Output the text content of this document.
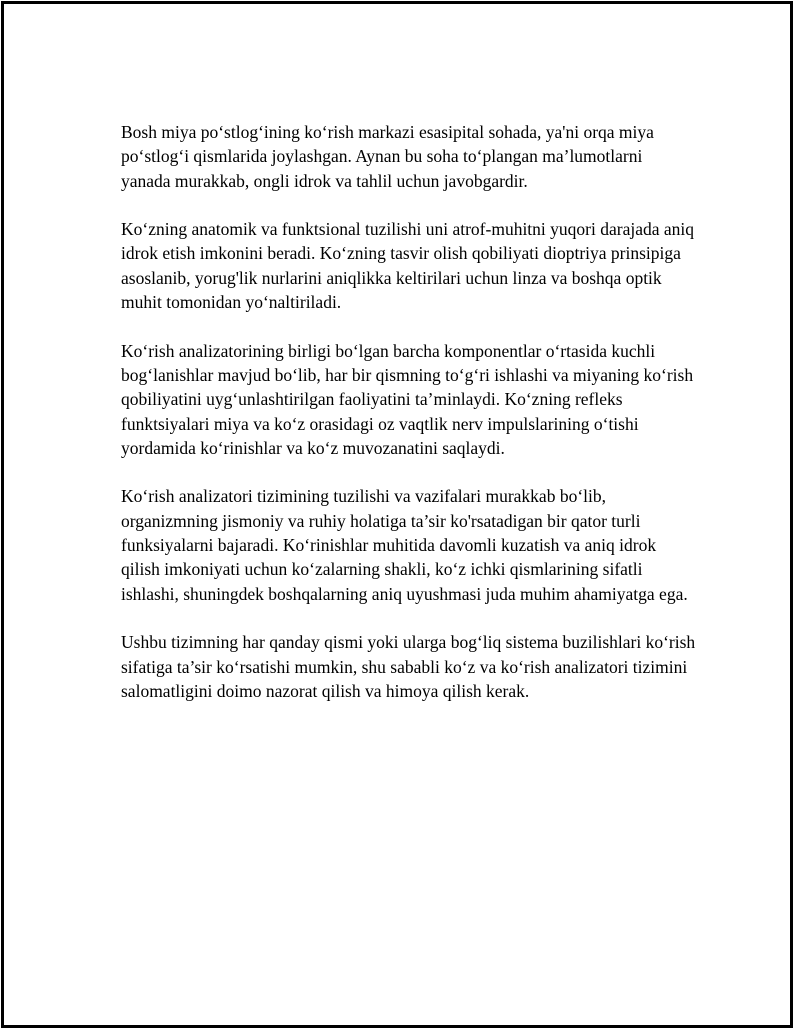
Bosh miya po‘stlog‘ining ko‘rish markazi esasipital sohada, ya'ni orqa miya po‘stlog‘i qismlarida joylashgan. Aynan bu soha to‘plangan ma’lumotlarni yanada murakkab, ongli idrok va tahlil uchun javobgardir.

Ko‘zning anatomik va funktsional tuzilishi uni atrof-muhitni yuqori darajada aniq idrok etish imkonini beradi. Ko‘zning tasvir olish qobiliyati dioptriya prinsipiga asoslanib, yorug'lik nurlarini aniqlikka keltirilari uchun linza va boshqa optik muhit tomonidan yo‘naltiriladi.

Ko‘rish analizatorining birligi bo‘lgan barcha komponentlar o‘rtasida kuchli bog‘lanishlar mavjud bo‘lib, har bir qismning to‘g‘ri ishlashi va miyaning ko‘rish qobiliyatini uyg‘unlashtirilgan faoliyatini ta’minlaydi. Ko‘zning refleks funktsiyalari miya va ko‘z orasidagi oz vaqtlik nerv impulslarining o‘tishi yordamida ko‘rinishlar va ko‘z muvozanatini saqlaydi.

Ko‘rish analizatori tizimining tuzilishi va vazifalari murakkab bo‘lib, organizmning jismoniy va ruhiy holatiga ta’sir ko'rsatadigan bir qator turli funksiyalarni bajaradi. Ko‘rinishlar muhitida davomli kuzatish va aniq idrok qilish imkoniyati uchun ko‘zalarning shakli, ko‘z ichki qismlarining sifatli ishlashi, shuningdek boshqalarning aniq uyushmasi juda muhim ahamiyatga ega.

Ushbu tizimning har qanday qismi yoki ularga bog‘liq sistema buzilishlari ko‘rish sifatiga ta’sir ko‘rsatishi mumkin, shu sababli ko‘z va ko‘rish analizatori tizimini salomatligini doimo nazorat qilish va himoya qilish kerak.
